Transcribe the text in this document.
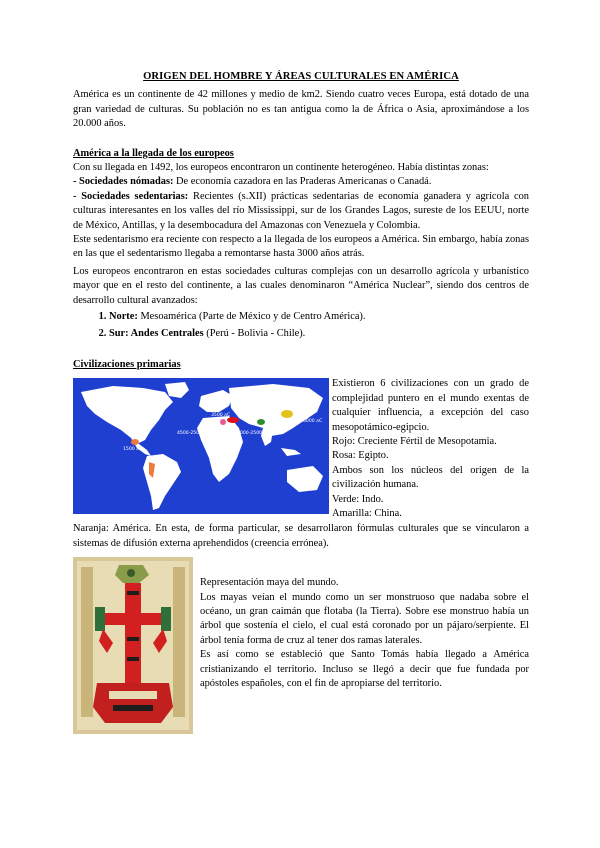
ORIGEN DEL HOMBRE Y ÁREAS CULTURALES EN AMÉRICA

América es un continente de 42 millones y medio de km2. Siendo cuatro veces Europa, está dotado de una gran variedad de culturas. Su población no es tan antigua como la de África o Asia, aproximándose a los 20.000 años.

América a la llegada de los europeos

Con su llegada en 1492, los europeos encontraron un continente heterogéneo. Había distintas zonas:

- Sociedades nómadas: De economía cazadora en las Praderas Americanas o Canadá.

- Sociedades sedentarias: Recientes (s.XII) prácticas sedentarias de economía ganadera y agrícola con culturas interesantes en los valles del río Mississippi, sur de los Grandes Lagos, sureste de los EEUU, norte de México, Antillas, y la desembocadura del Amazonas con Venezuela y Colombia.

Este sedentarismo era reciente con respecto a la llegada de los europeos a América. Sin embargo, había zonas en las que el sedentarismo llegaba a remontarse hasta 3000 años atrás.

Los europeos encontraron en estas sociedades culturas complejas con un desarrollo agrícola y urbanístico mayor que en el resto del continente, a las cuales denominaron “América Nuclear”, siendo dos centros de desarrollo cultural avanzados:

1. Norte: Mesoamérica (Parte de México y de Centro América).
2. Sur: Andes Centrales (Perú - Bolivia - Chile).
Civilizaciones primarias
3500 aC
4500-2500 aC	2000-2500 aC
5000 aC
1500 aC
900 aC
2500 aC

Existieron 6 civilizaciones con un grado de complejidad puntero en el mundo exentas de cualquier influencia, a excepción del caso mesopotámico-egipcio.

Rojo: Creciente Fértil de Mesopotamia.

Rosa: Egipto.

Ambos son los núcleos del origen de la civilización humana.

Verde: Indo.

Amarilla: China.

Naranja: América. En esta, de forma particular, se desarrollaron fórmulas culturales que se vincularon a sistemas de difusión externa aprehendidos (creencia errónea).

Representación maya del mundo.

Los mayas veían el mundo como un ser monstruoso que nadaba sobre el océano, un gran caimán que flotaba (la Tierra). Sobre ese monstruo había un árbol que sostenía el cielo, el cual está coronado por un pájaro/serpiente. El árbol tenía forma de cruz al tener dos ramas laterales.

Es así como se estableció que Santo Tomás había llegado a América cristianizando el territorio. Incluso se llegó a decir que fue fundada por apóstoles españoles, con el fin de apropiarse del territorio.
